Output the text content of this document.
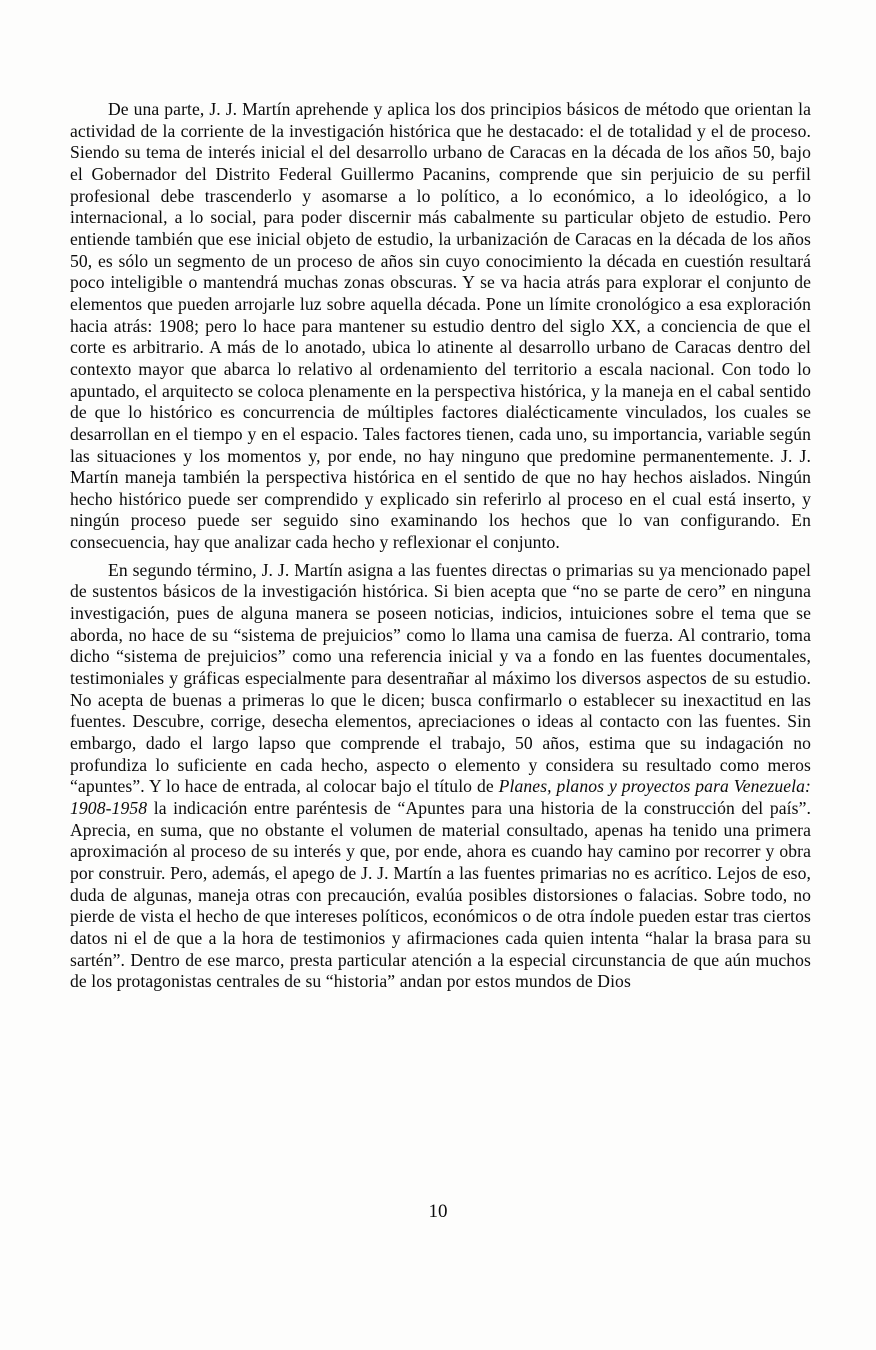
De una parte, J. J. Martín aprehende y aplica los dos principios básicos de método que orientan la actividad de la corriente de la investigación histórica que he destacado: el de totalidad y el de proceso. Siendo su tema de interés inicial el del desarrollo urbano de Caracas en la década de los años 50, bajo el Gobernador del Distrito Federal Guillermo Pacanins, comprende que sin perjuicio de su perfil profesional debe trascenderlo y asomarse a lo político, a lo económico, a lo ideológico, a lo internacional, a lo social, para poder discernir más cabalmente su particular objeto de estudio. Pero entiende también que ese inicial objeto de estudio, la urbanización de Caracas en la década de los años 50, es sólo un segmento de un proceso de años sin cuyo conocimiento la década en cuestión resultará poco inteligible o mantendrá muchas zonas obscuras. Y se va hacia atrás para explorar el conjunto de elementos que pueden arrojarle luz sobre aquella década. Pone un límite cronológico a esa exploración hacia atrás: 1908; pero lo hace para mantener su estudio dentro del siglo XX, a conciencia de que el corte es arbitrario. A más de lo anotado, ubica lo atinente al desarrollo urbano de Caracas dentro del contexto mayor que abarca lo relativo al ordenamiento del territorio a escala nacional. Con todo lo apuntado, el arquitecto se coloca plenamente en la perspectiva histórica, y la maneja en el cabal sentido de que lo histórico es concurrencia de múltiples factores dialécticamente vinculados, los cuales se desarrollan en el tiempo y en el espacio. Tales factores tienen, cada uno, su importancia, variable según las situaciones y los momentos y, por ende, no hay ninguno que predomine permanentemente. J. J. Martín maneja también la perspectiva histórica en el sentido de que no hay hechos aislados. Ningún hecho histórico puede ser comprendido y explicado sin referirlo al proceso en el cual está inserto, y ningún proceso puede ser seguido sino examinando los hechos que lo van configurando. En consecuencia, hay que analizar cada hecho y reflexionar el conjunto.

En segundo término, J. J. Martín asigna a las fuentes directas o primarias su ya mencionado papel de sustentos básicos de la investigación histórica. Si bien acepta que “no se parte de cero” en ninguna investigación, pues de alguna manera se poseen noticias, indicios, intuiciones sobre el tema que se aborda, no hace de su “sistema de prejuicios” como lo llama una camisa de fuerza. Al contrario, toma dicho “sistema de prejuicios” como una referencia inicial y va a fondo en las fuentes documentales, testimoniales y gráficas especialmente para desentrañar al máximo los diversos aspectos de su estudio. No acepta de buenas a primeras lo que le dicen; busca confirmarlo o establecer su inexactitud en las fuentes. Descubre, corrige, desecha elementos, apreciaciones o ideas al contacto con las fuentes. Sin embargo, dado el largo lapso que comprende el trabajo, 50 años, estima que su indagación no profundiza lo suficiente en cada hecho, aspecto o elemento y considera su resultado como meros “apuntes”. Y lo hace de entrada, al colocar bajo el título de Planes, planos y proyectos para Venezuela: 1908-1958 la indicación entre paréntesis de “Apuntes para una historia de la construcción del país”. Aprecia, en suma, que no obstante el volumen de material consultado, apenas ha tenido una primera aproximación al proceso de su interés y que, por ende, ahora es cuando hay camino por recorrer y obra por construir. Pero, además, el apego de J. J. Martín a las fuentes primarias no es acrítico. Lejos de eso, duda de algunas, maneja otras con precaución, evalúa posibles distorsiones o falacias. Sobre todo, no pierde de vista el hecho de que intereses políticos, económicos o de otra índole pueden estar tras ciertos datos ni el de que a la hora de testimonios y afirmaciones cada quien intenta “halar la brasa para su sartén”. Dentro de ese marco, presta particular atención a la especial circunstancia de que aún muchos de los protagonistas centrales de su “historia” andan por estos mundos de Dios

10
